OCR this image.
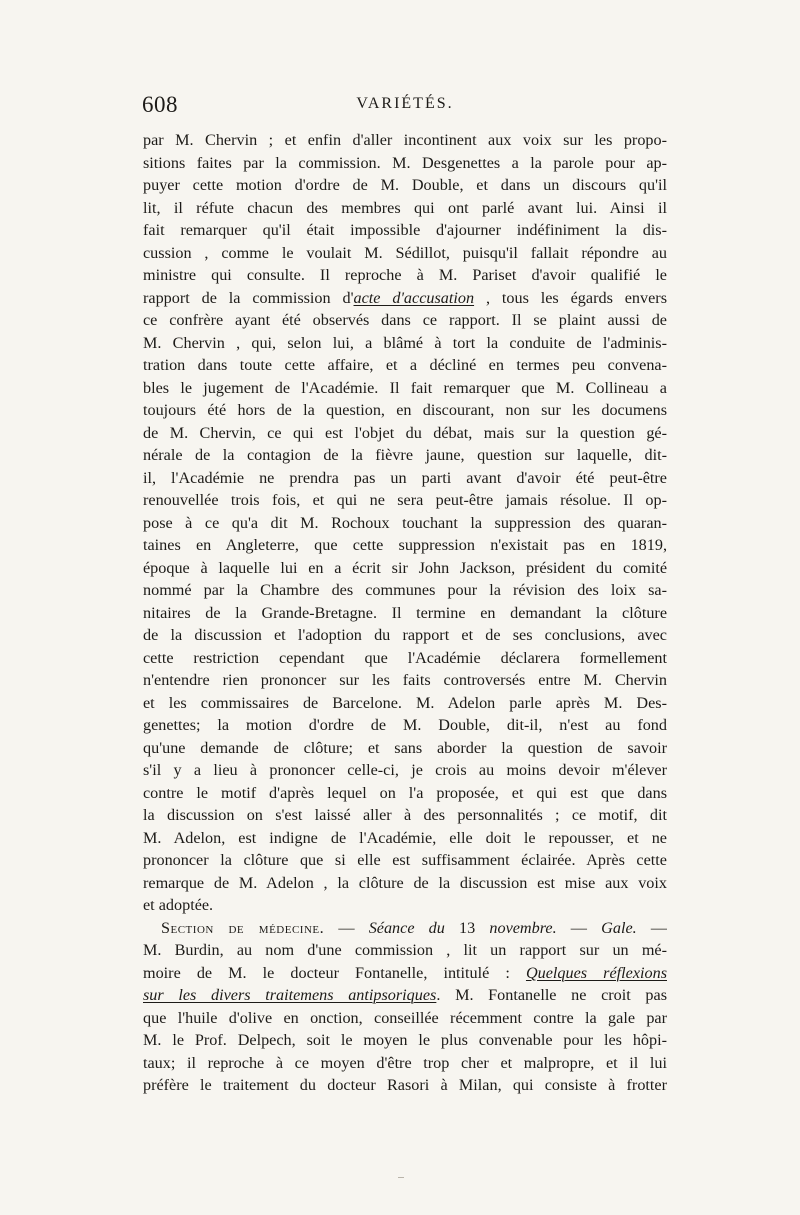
608	VARIÉTÉS.
par M. Chervin ; et enfin d'aller incontinent aux voix sur les propo-
sitions faites par la commission. M. Desgenettes a la parole pour ap-
puyer cette motion d'ordre de M. Double, et dans un discours qu'il
lit, il réfute chacun des membres qui ont parlé avant lui. Ainsi il
fait remarquer qu'il était impossible d'ajourner indéfiniment la dis-
cussion , comme le voulait M. Sédillot, puisqu'il fallait répondre au
ministre qui consulte. Il reproche à M. Pariset d'avoir qualifié le
rapport de la commission d'acte d'accusation , tous les égards envers
ce confrère ayant été observés dans ce rapport. Il se plaint aussi de
M. Chervin , qui, selon lui, a blâmé à tort la conduite de l'adminis-
tration dans toute cette affaire, et a décliné en termes peu convena-
bles le jugement de l'Académie. Il fait remarquer que M. Collineau a
toujours été hors de la question, en discourant, non sur les documens
de M. Chervin, ce qui est l'objet du débat, mais sur la question gé-
nérale de la contagion de la fièvre jaune, question sur laquelle, dit-
il, l'Académie ne prendra pas un parti avant d'avoir été peut-être
renouvellée trois fois, et qui ne sera peut-être jamais résolue. Il op-
pose à ce qu'a dit M. Rochoux touchant la suppression des quaran-
taines en Angleterre, que cette suppression n'existait pas en 1819,
époque à laquelle lui en a écrit sir John Jackson, président du comité
nommé par la Chambre des communes pour la révision des loix sa-
nitaires de la Grande-Bretagne. Il termine en demandant la clôture
de la discussion et l'adoption du rapport et de ses conclusions, avec
cette restriction cependant que l'Académie déclarera formellement
n'entendre rien prononcer sur les faits controversés entre M. Chervin
et les commissaires de Barcelone. M. Adelon parle après M. Des-
genettes; la motion d'ordre de M. Double, dit-il, n'est au fond
qu'une demande de clôture; et sans aborder la question de savoir
s'il y a lieu à prononcer celle-ci, je crois au moins devoir m'élever
contre le motif d'après lequel on l'a proposée, et qui est que dans
la discussion on s'est laissé aller à des personnalités ; ce motif, dit
M. Adelon, est indigne de l'Académie, elle doit le repousser, et ne
prononcer la clôture que si elle est suffisamment éclairée. Après cette
remarque de M. Adelon , la clôture de la discussion est mise aux voix
et adoptée.
Section de médecine. — Séance du 13 novembre. — Gale. —
M. Burdin, au nom d'une commission , lit un rapport sur un mé-
moire de M. le docteur Fontanelle, intitulé : Quelques réflexions
sur les divers traitemens antipsoriques. M. Fontanelle ne croit pas
que l'huile d'olive en onction, conseillée récemment contre la gale par
M. le Prof. Delpech, soit le moyen le plus convenable pour les hôpi-
taux; il reproche à ce moyen d'être trop cher et malpropre, et il lui
préfère le traitement du docteur Rasori à Milan, qui consiste à frotter
